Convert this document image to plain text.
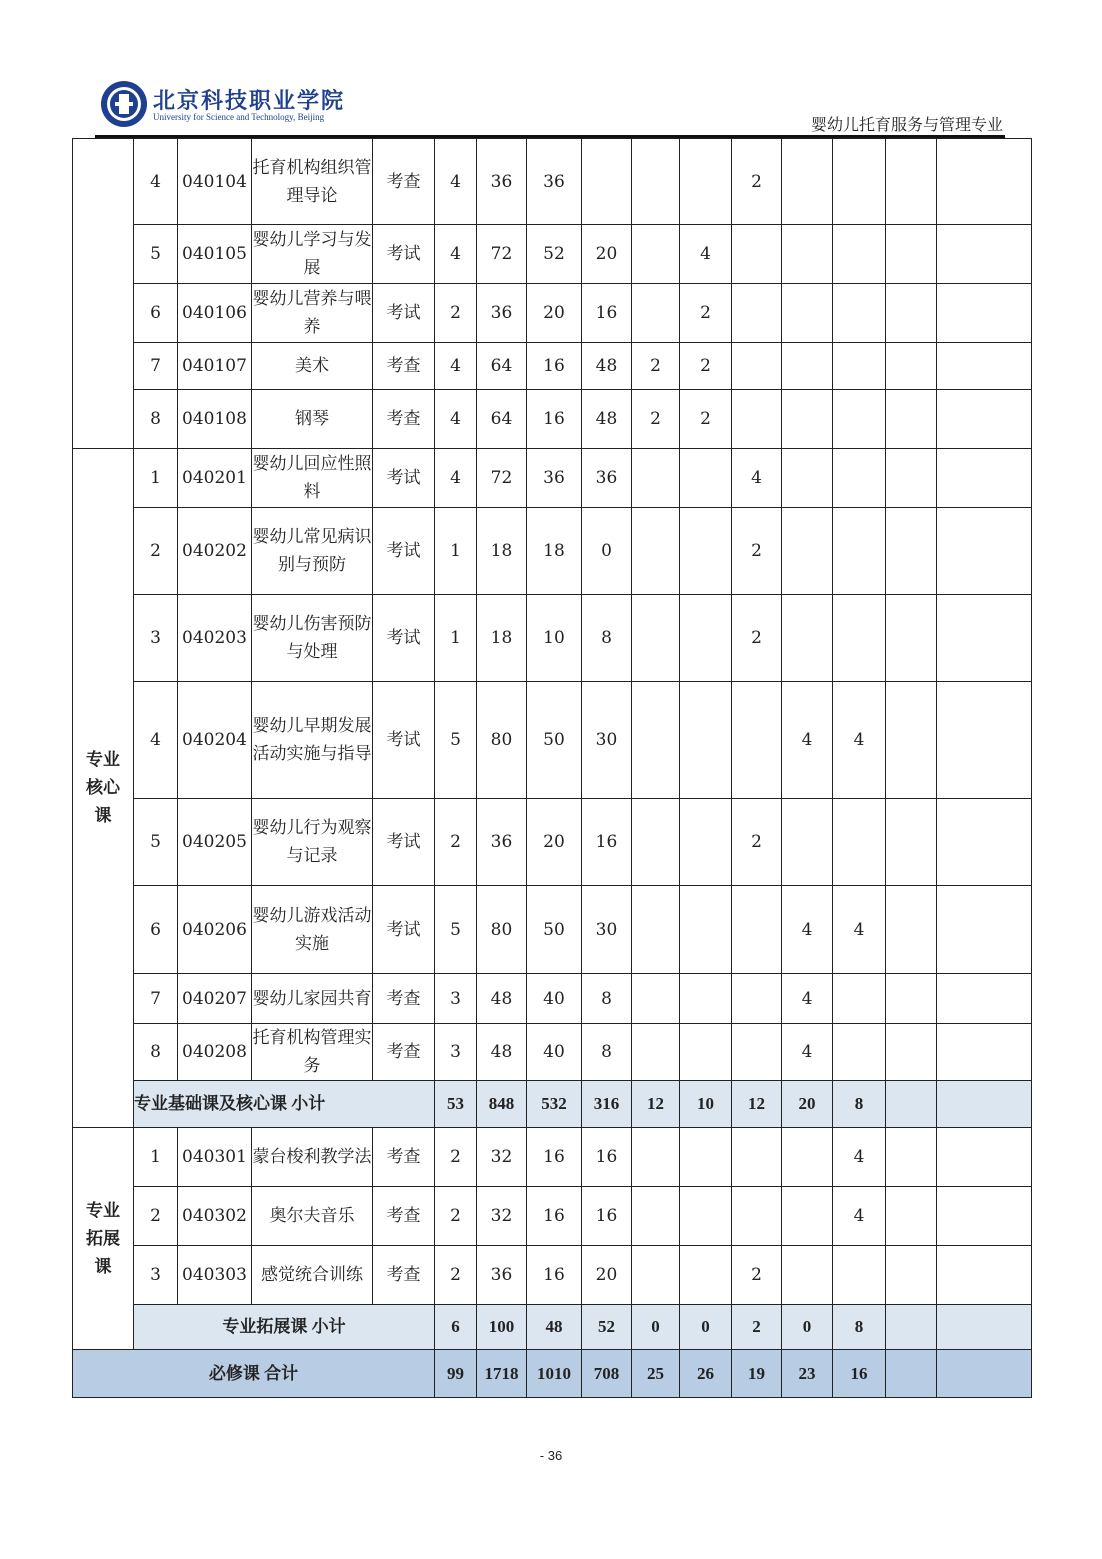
北京科技职业学院
University for Science and Technology, Beijing	婴幼儿托育服务与管理专业
	4	040104	托育机构组织管理导论	考查	4	36	36				2				
	5	040105	婴幼儿学习与发展	考试	4	72	52	20		4					
	6	040106	婴幼儿营养与喂养	考试	2	36	20	16		2					
	7	040107	美术	考查	4	64	16	48	2	2					
	8	040108	钢琴	考查	4	64	16	48	2	2					

专业核心课	1	040201	婴幼儿回应性照料	考试	4	72	36	36			4				
	2	040202	婴幼儿常见病识别与预防	考试	1	18	18	0			2				
	3	040203	婴幼儿伤害预防与处理	考试	1	18	10	8			2				
	4	040204	婴幼儿早期发展活动实施与指导	考试	5	80	50	30				4	4		
	5	040205	婴幼儿行为观察与记录	考试	2	36	20	16			2				
	6	040206	婴幼儿游戏活动实施	考试	5	80	50	30				4	4		
	7	040207	婴幼儿家园共育	考查	3	48	40	8				4			
	8	040208	托育机构管理实务	考查	3	48	40	8				4			
	专业基础课及核心课 小计				53	848	532	316	12	10	12	20	8		

专业拓展课	1	040301	蒙台梭利教学法	考查	2	32	16	16					4		
	2	040302	奥尔夫音乐	考查	2	32	16	16					4		
	3	040303	感觉统合训练	考查	2	36	16	20			2				
	专业拓展课 小计				6	100	48	52	0	0	2	0	8		
必修课 合计					99	1718	1010	708	25	26	19	23	16		
- 36
